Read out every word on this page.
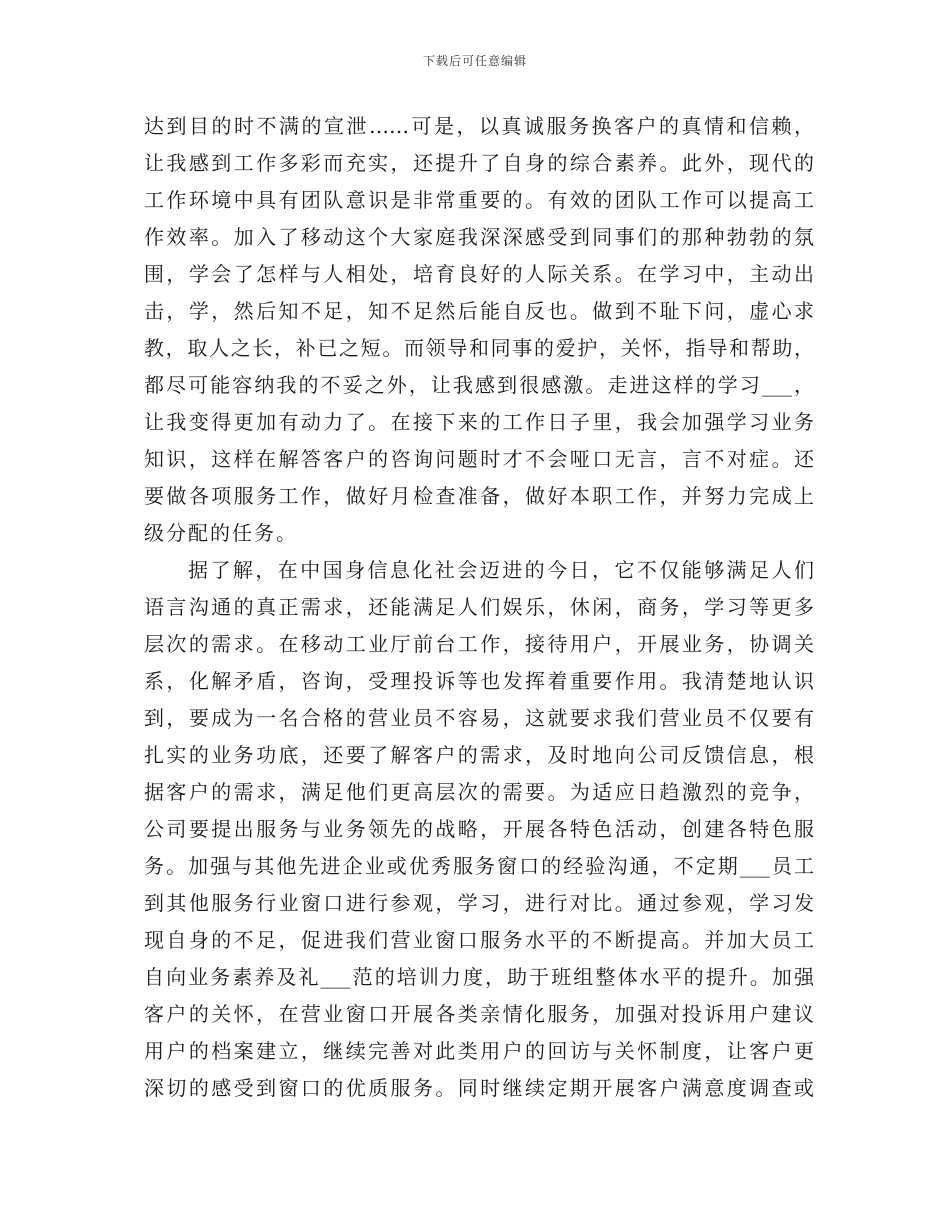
下载后可任意编辑
达到目的时不满的宣泄……可是，以真诚服务换客户的真情和信赖，
让我感到工作多彩而充实，还提升了自身的综合素养。此外，现代的
工作环境中具有团队意识是非常重要的。有效的团队工作可以提高工
作效率。加入了移动这个大家庭我深深感受到同事们的那种勃勃的氛
围，学会了怎样与人相处，培育良好的人际关系。在学习中，主动出
击，学，然后知不足，知不足然后能自反也。做到不耻下问，虚心求
教，取人之长，补已之短。而领导和同事的爱护，关怀，指导和帮助，
都尽可能容纳我的不妥之外，让我感到很感激。走进这样的学习___，
让我变得更加有动力了。在接下来的工作日子里，我会加强学习业务
知识，这样在解答客户的咨询问题时才不会哑口无言，言不对症。还
要做各项服务工作，做好月检查准备，做好本职工作，并努力完成上
级分配的任务。
据了解，在中国身信息化社会迈进的今日，它不仅能够满足人们
语言沟通的真正需求，还能满足人们娱乐，休闲，商务，学习等更多
层次的需求。在移动工业厅前台工作，接待用户，开展业务，协调关
系，化解矛盾，咨询，受理投诉等也发挥着重要作用。我清楚地认识
到，要成为一名合格的营业员不容易，这就要求我们营业员不仅要有
扎实的业务功底，还要了解客户的需求，及时地向公司反馈信息，根
据客户的需求，满足他们更高层次的需要。为适应日趋激烈的竞争，
公司要提出服务与业务领先的战略，开展各特色活动，创建各特色服
务。加强与其他先进企业或优秀服务窗口的经验沟通，不定期___员工
到其他服务行业窗口进行参观，学习，进行对比。通过参观，学习发
现自身的不足，促进我们营业窗口服务水平的不断提高。并加大员工
自向业务素养及礼___范的培训力度，助于班组整体水平的提升。加强
客户的关怀，在营业窗口开展各类亲情化服务，加强对投诉用户建议
用户的档案建立，继续完善对此类用户的回访与关怀制度，让客户更
深切的感受到窗口的优质服务。同时继续定期开展客户满意度调查或
